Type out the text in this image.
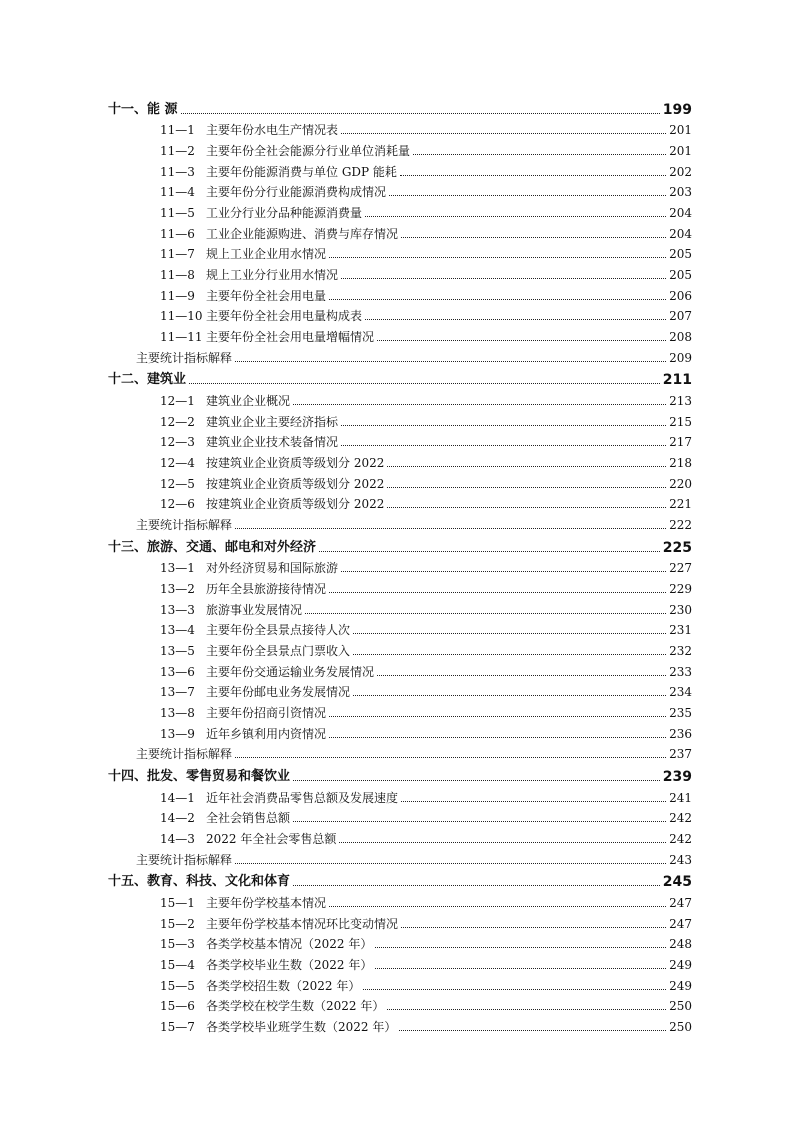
十一、能 源	199
11—1 主要年份水电生产情况表	201
11—2 主要年份全社会能源分行业单位消耗量	201
11—3 主要年份能源消费与单位 GDP 能耗	202
11—4 主要年份分行业能源消费构成情况	203
11—5 工业分行业分品种能源消费量	204
11—6 工业企业能源购进、消费与库存情况	204
11—7 规上工业企业用水情况	205
11—8 规上工业分行业用水情况	205
11—9 主要年份全社会用电量	206
11—10 主要年份全社会用电量构成表	207
11—11 主要年份全社会用电量增幅情况	208
主要统计指标解释	209
十二、建筑业	211
12—1 建筑业企业概况	213
12—2 建筑业企业主要经济指标	215
12—3 建筑业企业技术装备情况	217
12—4 按建筑业企业资质等级划分 2022	218
12—5 按建筑业企业资质等级划分 2022	220
12—6 按建筑业企业资质等级划分 2022	221
主要统计指标解释	222
十三、旅游、交通、邮电和对外经济	225
13—1 对外经济贸易和国际旅游	227
13—2 历年全县旅游接待情况	229
13—3 旅游事业发展情况	230
13—4 主要年份全县景点接待人次	231
13—5 主要年份全县景点门票收入	232
13—6 主要年份交通运输业务发展情况	233
13—7 主要年份邮电业务发展情况	234
13—8 主要年份招商引资情况	235
13—9 近年乡镇利用内资情况	236
主要统计指标解释	237
十四、批发、零售贸易和餐饮业	239
14—1 近年社会消费品零售总额及发展速度	241
14—2 全社会销售总额	242
14—3 2022 年全社会零售总额	242
主要统计指标解释	243
十五、教育、科技、文化和体育	245
15—1 主要年份学校基本情况	247
15—2 主要年份学校基本情况环比变动情况	247
15—3 各类学校基本情况（2022 年）	248
15—4 各类学校毕业生数（2022 年）	249
15—5 各类学校招生数（2022 年）	249
15—6 各类学校在校学生数（2022 年）	250
15—7 各类学校毕业班学生数（2022 年）	250
